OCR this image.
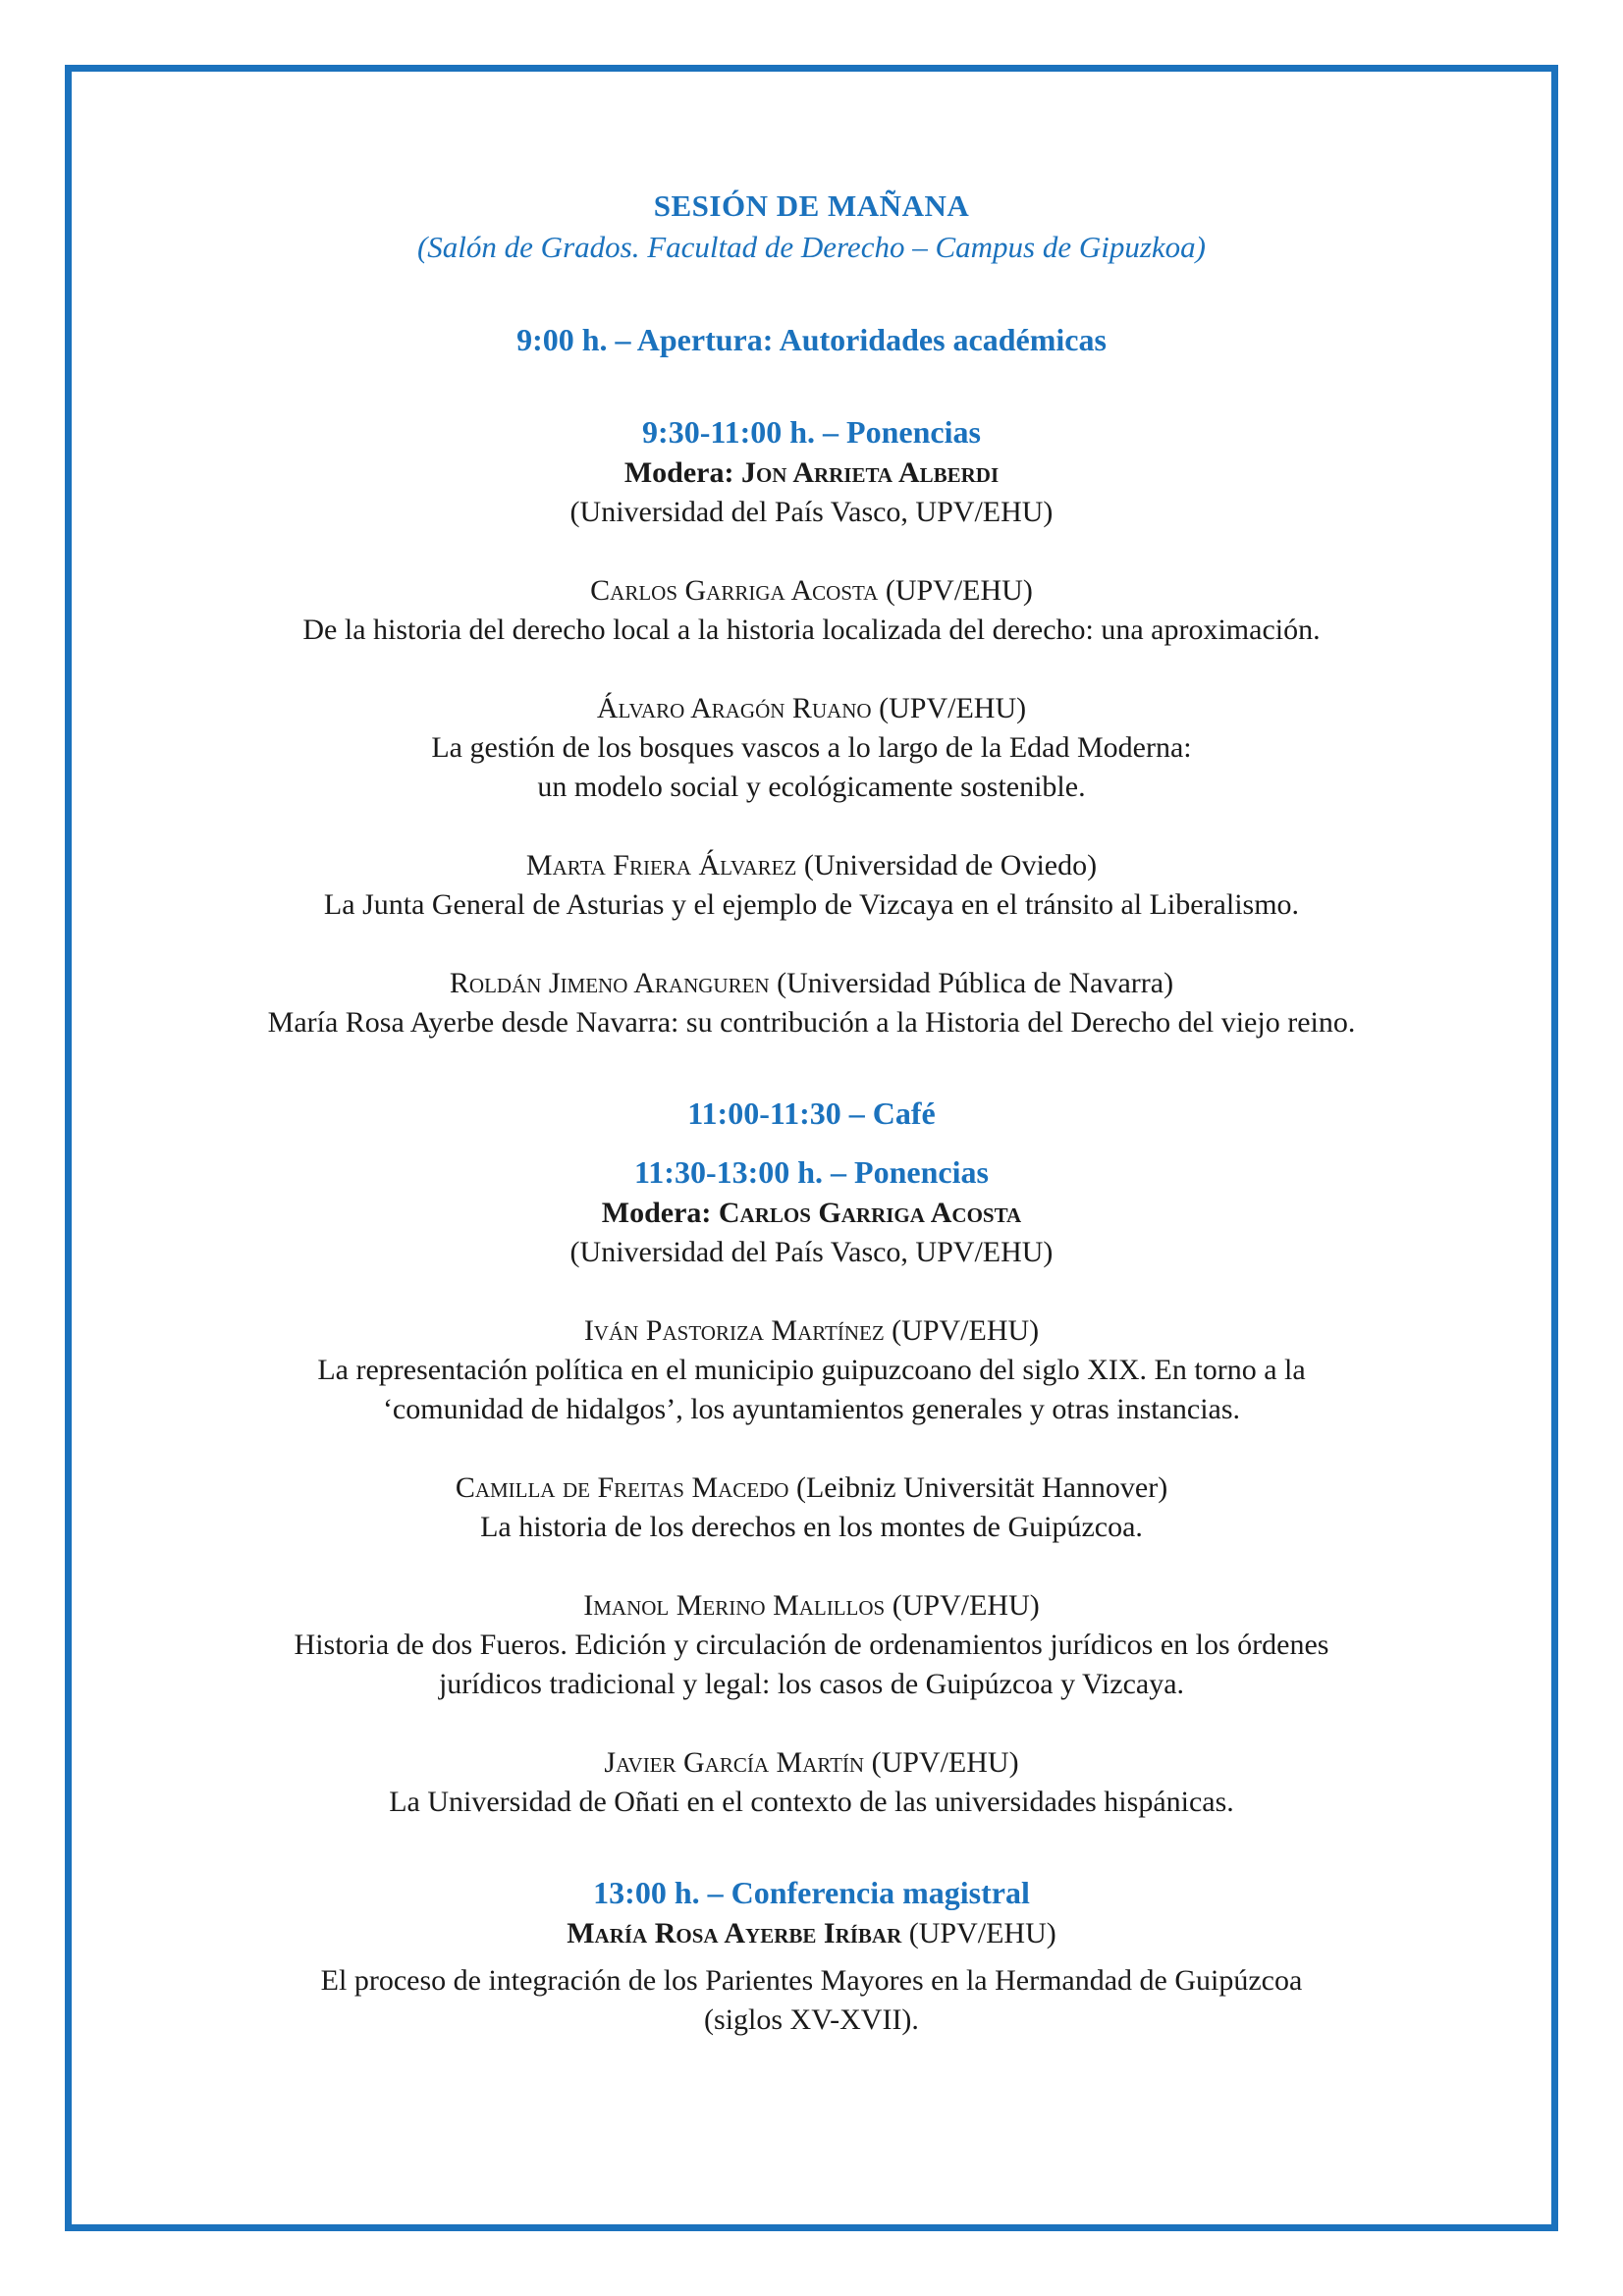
SESIÓN DE MAÑANA
(Salón de Grados. Facultad de Derecho – Campus de Gipuzkoa)
9:00 h. – Apertura: Autoridades académicas
9:30-11:00 h. – Ponencias
Modera: Jon Arrieta Alberdi
(Universidad del País Vasco, UPV/EHU)
Carlos Garriga Acosta (UPV/EHU)
De la historia del derecho local a la historia localizada del derecho: una aproximación.
Álvaro Aragón Ruano (UPV/EHU)
La gestión de los bosques vascos a lo largo de la Edad Moderna:
un modelo social y ecológicamente sostenible.
Marta Friera Álvarez (Universidad de Oviedo)
La Junta General de Asturias y el ejemplo de Vizcaya en el tránsito al Liberalismo.
Roldán Jimeno Aranguren (Universidad Pública de Navarra)
María Rosa Ayerbe desde Navarra: su contribución a la Historia del Derecho del viejo reino.
11:00-11:30 – Café
11:30-13:00 h. – Ponencias
Modera: Carlos Garriga Acosta
(Universidad del País Vasco, UPV/EHU)
Iván Pastoriza Martínez (UPV/EHU)
La representación política en el municipio guipuzcoano del siglo XIX. En torno a la
‘comunidad de hidalgos’, los ayuntamientos generales y otras instancias.
Camilla de Freitas Macedo (Leibniz Universität Hannover)
La historia de los derechos en los montes de Guipúzcoa.
Imanol Merino Malillos (UPV/EHU)
Historia de dos Fueros. Edición y circulación de ordenamientos jurídicos en los órdenes
jurídicos tradicional y legal: los casos de Guipúzcoa y Vizcaya.
Javier García Martín (UPV/EHU)
La Universidad de Oñati en el contexto de las universidades hispánicas.
13:00 h. – Conferencia magistral
María Rosa Ayerbe Iríbar (UPV/EHU)
El proceso de integración de los Parientes Mayores en la Hermandad de Guipúzcoa
(siglos XV-XVII).
